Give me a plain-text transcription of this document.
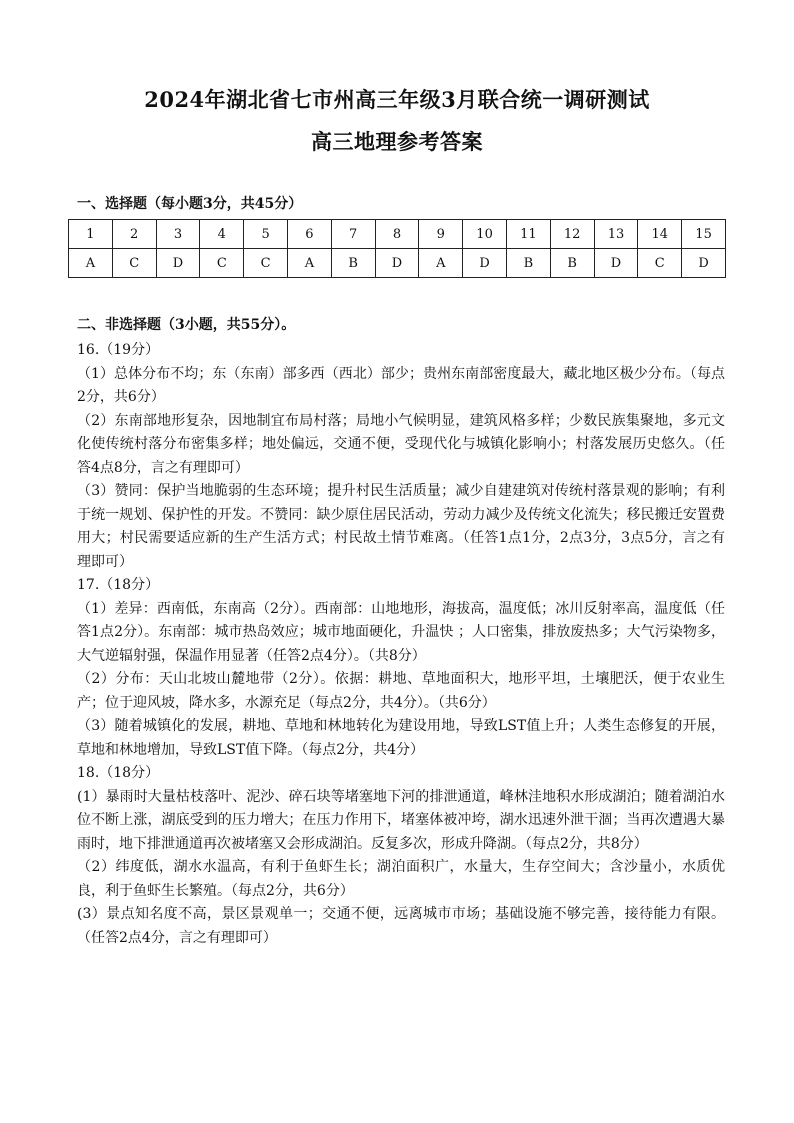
2024年湖北省七市州高三年级3月联合统一调研测试
高三地理参考答案
一、选择题（每小题3分，共45分）
1	2	3	4	5	6	7	8	9	10	11	12	13	14	15
A	C	D	C	C	A	B	D	A	D	B	B	D	C	D
二、非选择题（3小题，共55分）。

16.（19分）

（1）总体分布不均；东（东南）部多西（西北）部少；贵州东南部密度最大，藏北地区极少分布。（每点2分，共6分）

（2）东南部地形复杂，因地制宜布局村落；局地小气候明显，建筑风格多样；少数民族集聚地，多元文化使传统村落分布密集多样；地处偏远，交通不便，受现代化与城镇化影响小；村落发展历史悠久。（任答4点8分，言之有理即可）

（3）赞同：保护当地脆弱的生态环境；提升村民生活质量；减少自建建筑对传统村落景观的影响；有利于统一规划、保护性的开发。不赞同：缺少原住居民活动，劳动力减少及传统文化流失；移民搬迁安置费用大；村民需要适应新的生产生活方式；村民故土情节难离。（任答1点1分，2点3分，3点5分，言之有理即可）

17.（18分）

（1）差异：西南低，东南高（2分）。西南部：山地地形，海拔高，温度低；冰川反射率高，温度低（任答1点2分）。东南部：城市热岛效应；城市地面硬化，升温快 ；人口密集，排放废热多；大气污染物多，大气逆辐射强，保温作用显著（任答2点4分）。（共8分）

（2）分布：天山北坡山麓地带（2分）。依据：耕地、草地面积大，地形平坦，土壤肥沃，便于农业生产；位于迎风坡，降水多，水源充足（每点2分，共4分）。（共6分）

（3）随着城镇化的发展，耕地、草地和林地转化为建设用地，导致LST值上升；人类生态修复的开展，草地和林地增加，导致LST值下降。（每点2分，共4分）

18.（18分）

(1）暴雨时大量枯枝落叶、泥沙、碎石块等堵塞地下河的排泄通道，峰林洼地积水形成湖泊；随着湖泊水位不断上涨，湖底受到的压力增大；在压力作用下，堵塞体被冲垮，湖水迅速外泄干涸；当再次遭遇大暴雨时，地下排泄通道再次被堵塞又会形成湖泊。反复多次，形成升降湖。（每点2分，共8分）

（2）纬度低，湖水水温高，有利于鱼虾生长；湖泊面积广，水量大，生存空间大；含沙量小，水质优良，利于鱼虾生长繁殖。（每点2分，共6分）

(3）景点知名度不高，景区景观单一；交通不便，远离城市市场；基础设施不够完善，接待能力有限。（任答2点4分，言之有理即可）
